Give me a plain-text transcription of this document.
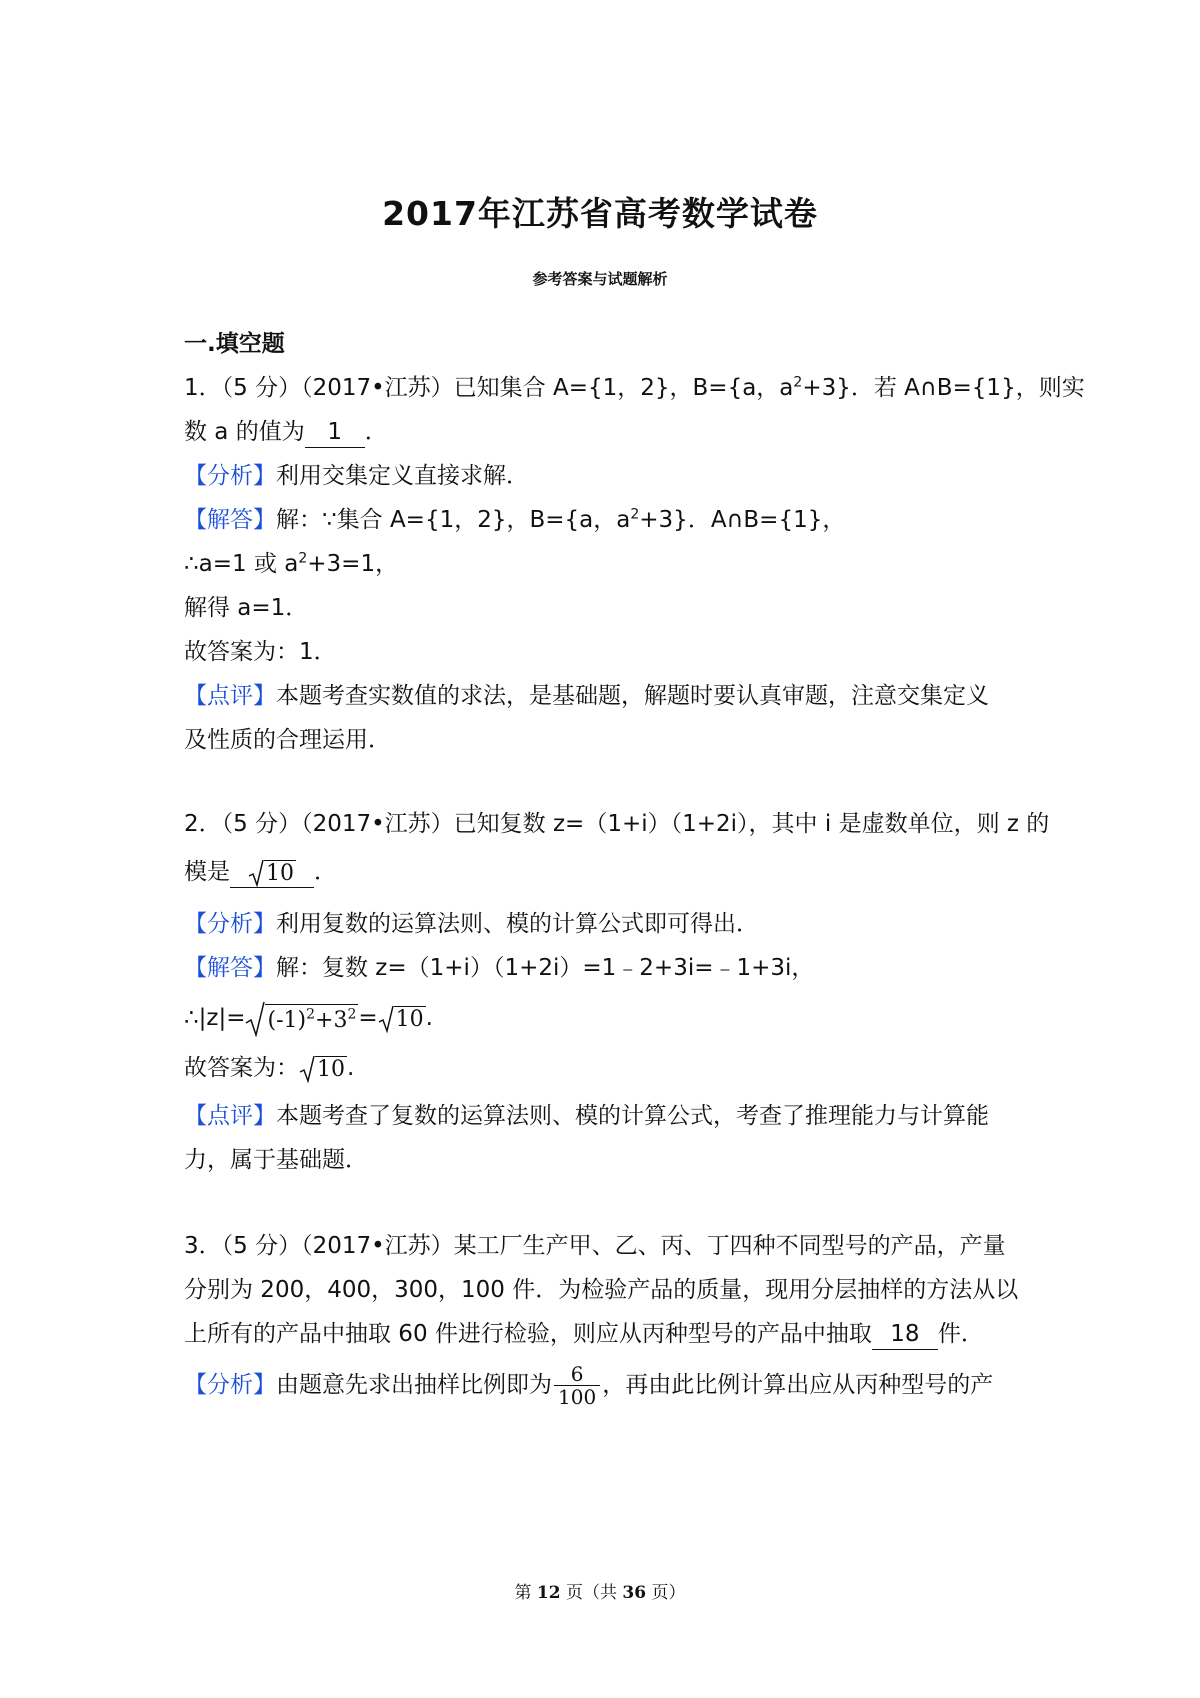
2017年江苏省高考数学试卷
参考答案与试题解析
一.填空题
1．（5 分）（2017•江苏）已知集合 A={1，2}，B={a，$a^2+3$}．若 A∩B={1}，则实
数 a 的值为 1 ．
【分析】利用交集定义直接求解．
【解答】解：∵集合 A={1，2}，B={a，$a^2+3$}．A∩B={1}，
∴a=1 或 $a^2+3=1$，
解得 a=1．
故答案为：1．
【点评】本题考查实数值的求法，是基础题，解题时要认真审题，注意交集定义
及性质的合理运用．
2．（5 分）（2017•江苏）已知复数 z=（1+i）（1+2i），其中 i 是虚数单位，则 z 的
模是 10 ．
【分析】利用复数的运算法则、模的计算公式即可得出．
【解答】解：复数 z=（1+i）（1+2i）=1﹣2+3i=﹣1+3i，
∴|z|= $(-1)^2+3^2 = 10$ .
故答案为： 10 .
【点评】本题考查了复数的运算法则、模的计算公式，考查了推理能力与计算能
力，属于基础题．
3．（5 分）（2017•江苏）某工厂生产甲、乙、丙、丁四种不同型号的产品，产量
分别为 200，400，300，100 件．为检验产品的质量，现用分层抽样的方法从以
上所有的产品中抽取 60 件进行检验，则应从丙种型号的产品中抽取 18 件．
【分析】由题意先求出抽样比例即为 $\frac{6}{100}$ ，再由此比例计算出应从丙种型号的产
第 12 页（共 36 页）
